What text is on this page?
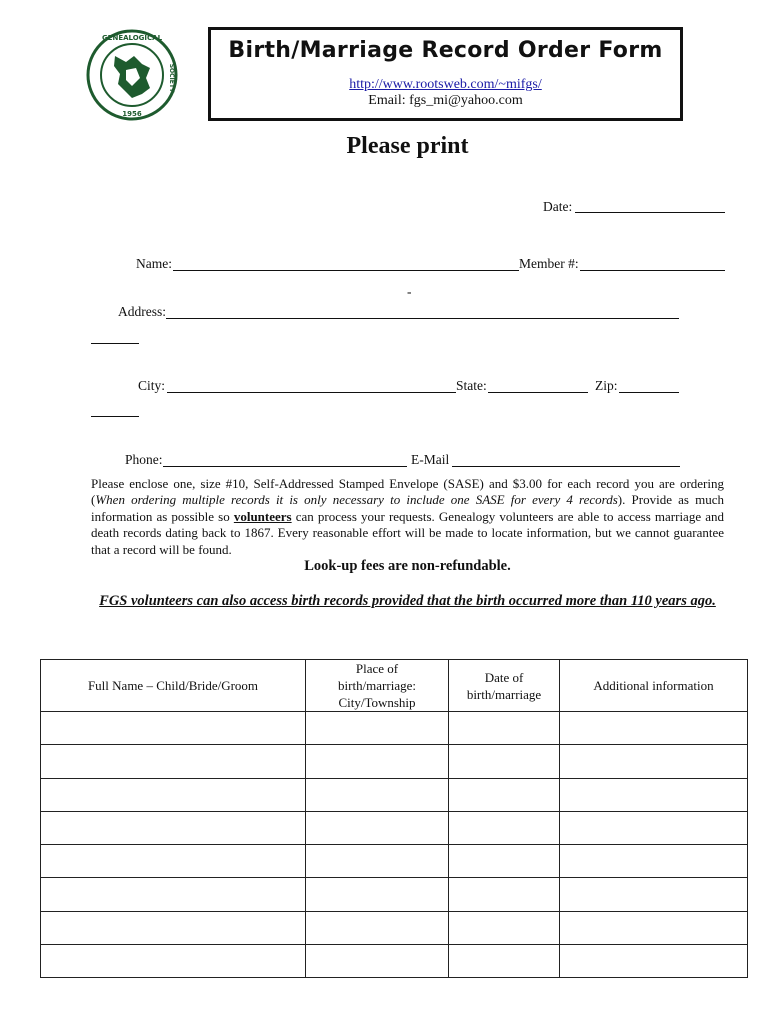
GENEALOGICAL
1956
SOCIETY
Birth/Marriage Record Order Form
http://www.rootsweb.com/~mifgs/
Email: fgs_mi@yahoo.com
Please print
Date:
Name:	Member #:
-
Address:
City:	State:	Zip:
Phone:	E-Mail
Please enclose one, size #10, Self-Addressed Stamped Envelope (SASE) and $3.00 for each record you are ordering (When ordering multiple records it is only necessary to include one SASE for every 4 records). Provide as much information as possible so volunteers can process your requests. Genealogy volunteers are able to access marriage and death records dating back to 1867. Every reasonable effort will be made to locate information, but we cannot guarantee that a record will be found.
Look-up fees are non-refundable.
FGS volunteers can also access birth records provided that the birth occurred more than 110 years ago.
Full Name – Child/Bride/Groom	Place of birth/marriage: City/Township	Date of birth/marriage	Additional information
